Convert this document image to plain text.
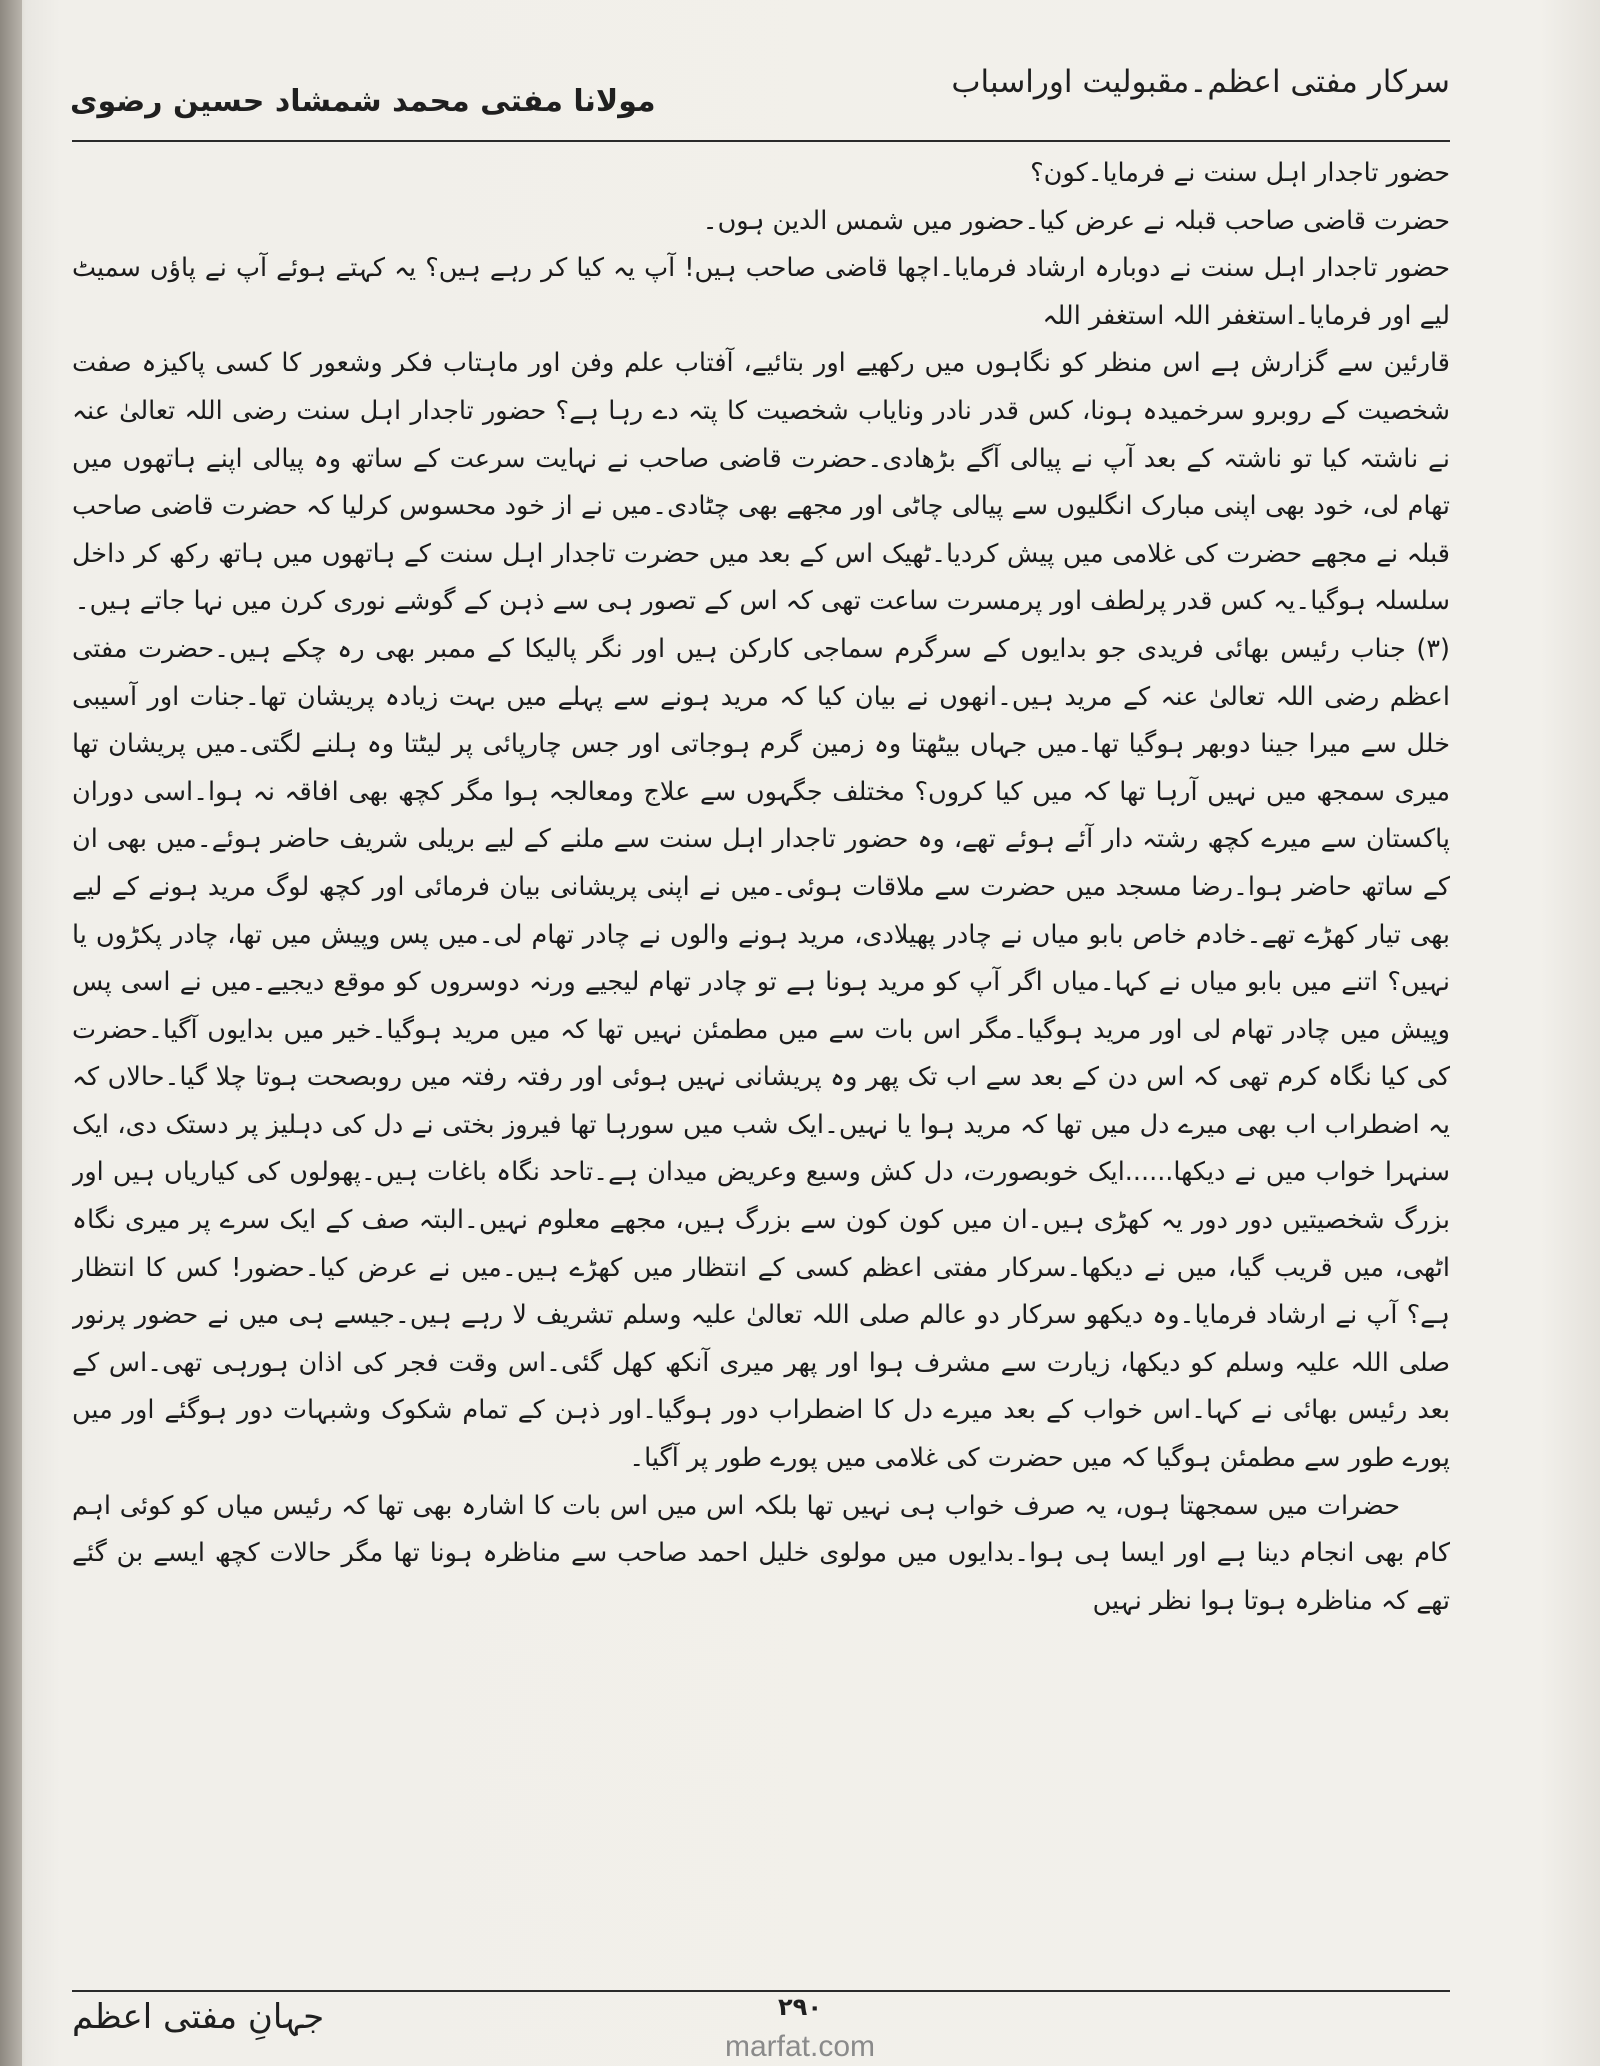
سرکار مفتی اعظم۔مقبولیت اوراسباب
مولانا مفتی محمد شمشاد حسین رضوی

حضور تاجدار اہل سنت نے فرمایا۔کون؟

حضرت قاضی صاحب قبلہ نے عرض کیا۔حضور میں شمس الدین ہوں۔

حضور تاجدار اہل سنت نے دوبارہ ارشاد فرمایا۔اچھا قاضی صاحب ہیں! آپ یہ کیا کر رہے ہیں؟ یہ کہتے ہوئے آپ نے پاؤں سمیٹ لیے اور فرمایا۔استغفر اللہ استغفر اللہ

قارئین سے گزارش ہے اس منظر کو نگاہوں میں رکھیے اور بتائیے، آفتاب علم وفن اور ماہتاب فکر وشعور کا کسی پاکیزہ صفت شخصیت کے روبرو سرخمیدہ ہونا، کس قدر نادر ونایاب شخصیت کا پتہ دے رہا ہے؟ حضور تاجدار اہل سنت رضی اللہ تعالیٰ عنہ نے ناشتہ کیا تو ناشتہ کے بعد آپ نے پیالی آگے بڑھادی۔حضرت قاضی صاحب نے نہایت سرعت کے ساتھ وہ پیالی اپنے ہاتھوں میں تھام لی، خود بھی اپنی مبارک انگلیوں سے پیالی چاٹی اور مجھے بھی چٹادی۔میں نے از خود محسوس کرلیا کہ حضرت قاضی صاحب قبلہ نے مجھے حضرت کی غلامی میں پیش کردیا۔ٹھیک اس کے بعد میں حضرت تاجدار اہل سنت کے ہاتھوں میں ہاتھ رکھ کر داخل سلسلہ ہوگیا۔یہ کس قدر پرلطف اور پرمسرت ساعت تھی کہ اس کے تصور ہی سے ذہن کے گوشے نوری کرن میں نہا جاتے ہیں۔

(۳) جناب رئیس بھائی فریدی جو بدایوں کے سرگرم سماجی کارکن ہیں اور نگر پالیکا کے ممبر بھی رہ چکے ہیں۔حضرت مفتی اعظم رضی اللہ تعالیٰ عنہ کے مرید ہیں۔انھوں نے بیان کیا کہ مرید ہونے سے پہلے میں بہت زیادہ پریشان تھا۔جنات اور آسیبی خلل سے میرا جینا دوبھر ہوگیا تھا۔میں جہاں بیٹھتا وہ زمین گرم ہوجاتی اور جس چارپائی پر لیٹتا وہ ہلنے لگتی۔میں پریشان تھا میری سمجھ میں نہیں آرہا تھا کہ میں کیا کروں؟ مختلف جگہوں سے علاج ومعالجہ ہوا مگر کچھ بھی افاقہ نہ ہوا۔اسی دوران پاکستان سے میرے کچھ رشتہ دار آئے ہوئے تھے، وہ حضور تاجدار اہل سنت سے ملنے کے لیے بریلی شریف حاضر ہوئے۔میں بھی ان کے ساتھ حاضر ہوا۔رضا مسجد میں حضرت سے ملاقات ہوئی۔میں نے اپنی پریشانی بیان فرمائی اور کچھ لوگ مرید ہونے کے لیے بھی تیار کھڑے تھے۔خادم خاص بابو میاں نے چادر پھیلادی، مرید ہونے والوں نے چادر تھام لی۔میں پس وپیش میں تھا، چادر پکڑوں یا نہیں؟ اتنے میں بابو میاں نے کہا۔میاں اگر آپ کو مرید ہونا ہے تو چادر تھام لیجیے ورنہ دوسروں کو موقع دیجیے۔میں نے اسی پس وپیش میں چادر تھام لی اور مرید ہوگیا۔مگر اس بات سے میں مطمئن نہیں تھا کہ میں مرید ہوگیا۔خیر میں بدایوں آگیا۔حضرت کی کیا نگاہ کرم تھی کہ اس دن کے بعد سے اب تک پھر وہ پریشانی نہیں ہوئی اور رفتہ رفتہ میں روبصحت ہوتا چلا گیا۔حالاں کہ یہ اضطراب اب بھی میرے دل میں تھا کہ مرید ہوا یا نہیں۔ایک شب میں سورہا تھا فیروز بختی نے دل کی دہلیز پر دستک دی، ایک سنہرا خواب میں نے دیکھا......ایک خوبصورت، دل کش وسیع وعریض میدان ہے۔تاحد نگاہ باغات ہیں۔پھولوں کی کیاریاں ہیں اور بزرگ شخصیتیں دور دور یہ کھڑی ہیں۔ان میں کون کون سے بزرگ ہیں، مجھے معلوم نہیں۔البتہ صف کے ایک سرے پر میری نگاہ اٹھی، میں قریب گیا، میں نے دیکھا۔سرکار مفتی اعظم کسی کے انتظار میں کھڑے ہیں۔میں نے عرض کیا۔حضور! کس کا انتظار ہے؟ آپ نے ارشاد فرمایا۔وہ دیکھو سرکار دو عالم صلی اللہ تعالیٰ علیہ وسلم تشریف لا رہے ہیں۔جیسے ہی میں نے حضور پرنور صلی اللہ علیہ وسلم کو دیکھا، زیارت سے مشرف ہوا اور پھر میری آنکھ کھل گئی۔اس وقت فجر کی اذان ہورہی تھی۔اس کے بعد رئیس بھائی نے کہا۔اس خواب کے بعد میرے دل کا اضطراب دور ہوگیا۔اور ذہن کے تمام شکوک وشبہات دور ہوگئے اور میں پورے طور سے مطمئن ہوگیا کہ میں حضرت کی غلامی میں پورے طور پر آگیا۔

حضرات میں سمجھتا ہوں، یہ صرف خواب ہی نہیں تھا بلکہ اس میں اس بات کا اشارہ بھی تھا کہ رئیس میاں کو کوئی اہم کام بھی انجام دینا ہے اور ایسا ہی ہوا۔بدایوں میں مولوی خلیل احمد صاحب سے مناظرہ ہونا تھا مگر حالات کچھ ایسے بن گئے تھے کہ مناظرہ ہوتا ہوا نظر نہیں

جہانِ مفتی اعظم	۲۹۰
marfat.com
